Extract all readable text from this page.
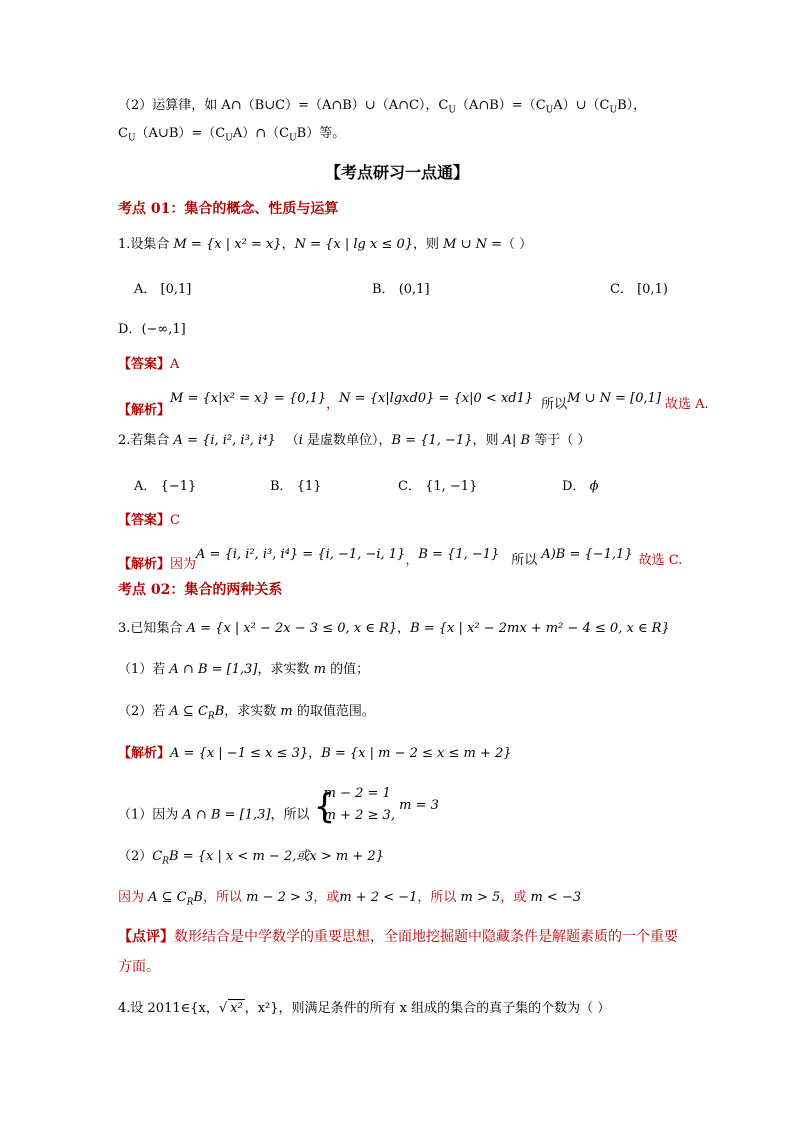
（2）运算律，如 A∩（B∪C）=（A∩B）∪（A∩C），$C_U(A\cap B)=(C_UA)\cup(C_UB)$，
$C_U(A\cup B)=(C_UA)\cap(C_UB)$等。
【考点研习一点通】
考点 01：集合的概念、性质与运算
1.设集合 M = {x | x² = x}，N = {x | lg x ≤ 0}，则 M ∪ N =（ ）
A． [0,1]	B． (0,1]	C． [0,1)
D．(−∞,1]
【答案】A
【解析】M = {x|x² = x} = {0,1}，N = {x|lgxd0} = {x|0 < xd1} 所以M ∪ N = [0,1] 故选 A.
2.若集合 A = {i, i², i³, i⁴} （i 是虚数单位），B = {1, −1}，则 A| B 等于（ ）
A． {−1}	B． {1}	C． {1, −1}	D． ϕ
【答案】C
【解析】因为A = {i, i², i³, i⁴} = {i, −1, −i, 1}，B = {1, −1} 所以 A)B = {−1,1} 故选 C.
考点 02：集合的两种关系
3.已知集合 A = {x | x² − 2x − 3 ≤ 0, x ∈ R}，B = {x | x² − 2mx + m² − 4 ≤ 0, x ∈ R}
（1）若 A ∩ B = [1,3]，求实数 m 的值；
（2）若 A ⊆ $C_RB$，求实数 m 的取值范围。
【解析】A = {x | −1 ≤ x ≤ 3}，B = {x | m − 2 ≤ x ≤ m + 2}
（1）因为 A ∩ B = [1,3]，所以 {
m − 2 = 1
m + 2 ≥ 3,
m = 3
$(2)C_RB = \{x$ | x < m − 2,或x > m + 2}
因为 A ⊆ $C_RB$，所以 m − 2 > 3，或m + 2 < −1，所以 m > 5，或 m < −3
【点评】数形结合是中学数学的重要思想，全面地挖掘题中隐藏条件是解题素质的一个重要
方面。
4.设 2011∈{x，√ x² ，x²}，则满足条件的所有 x 组成的集合的真子集的个数为（ ）
